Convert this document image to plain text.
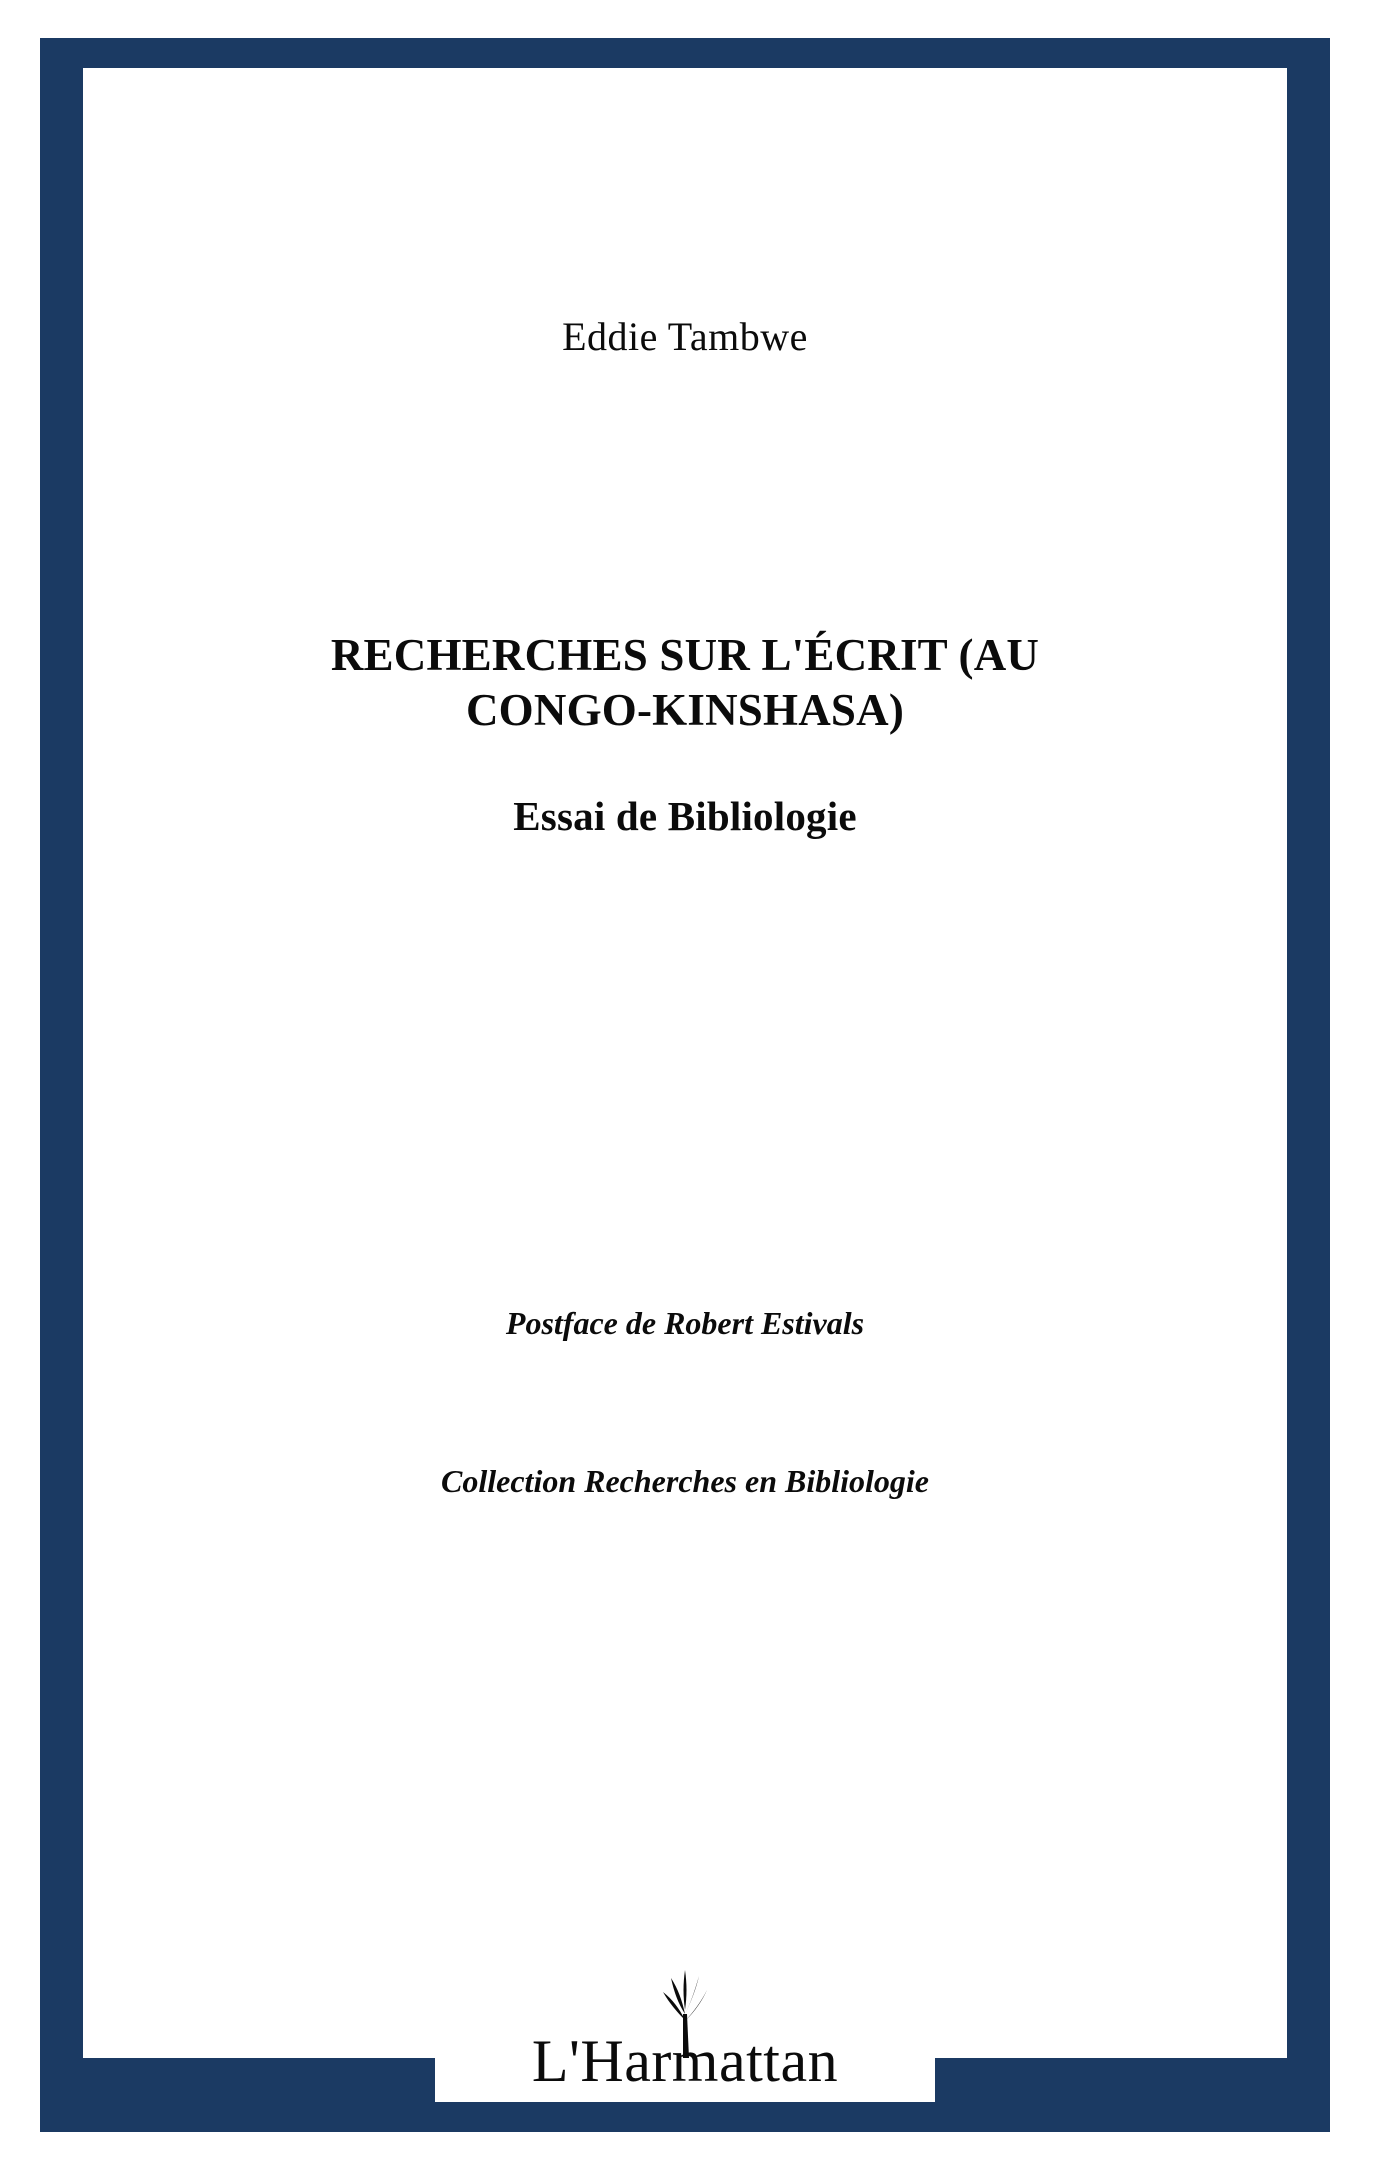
Eddie Tambwe
RECHERCHES SUR L'ÉCRIT (AU CONGO-KINSHASA)
Essai de Bibliologie
Postface de Robert Estivals
Collection Recherches en Bibliologie
L'Harmattan
